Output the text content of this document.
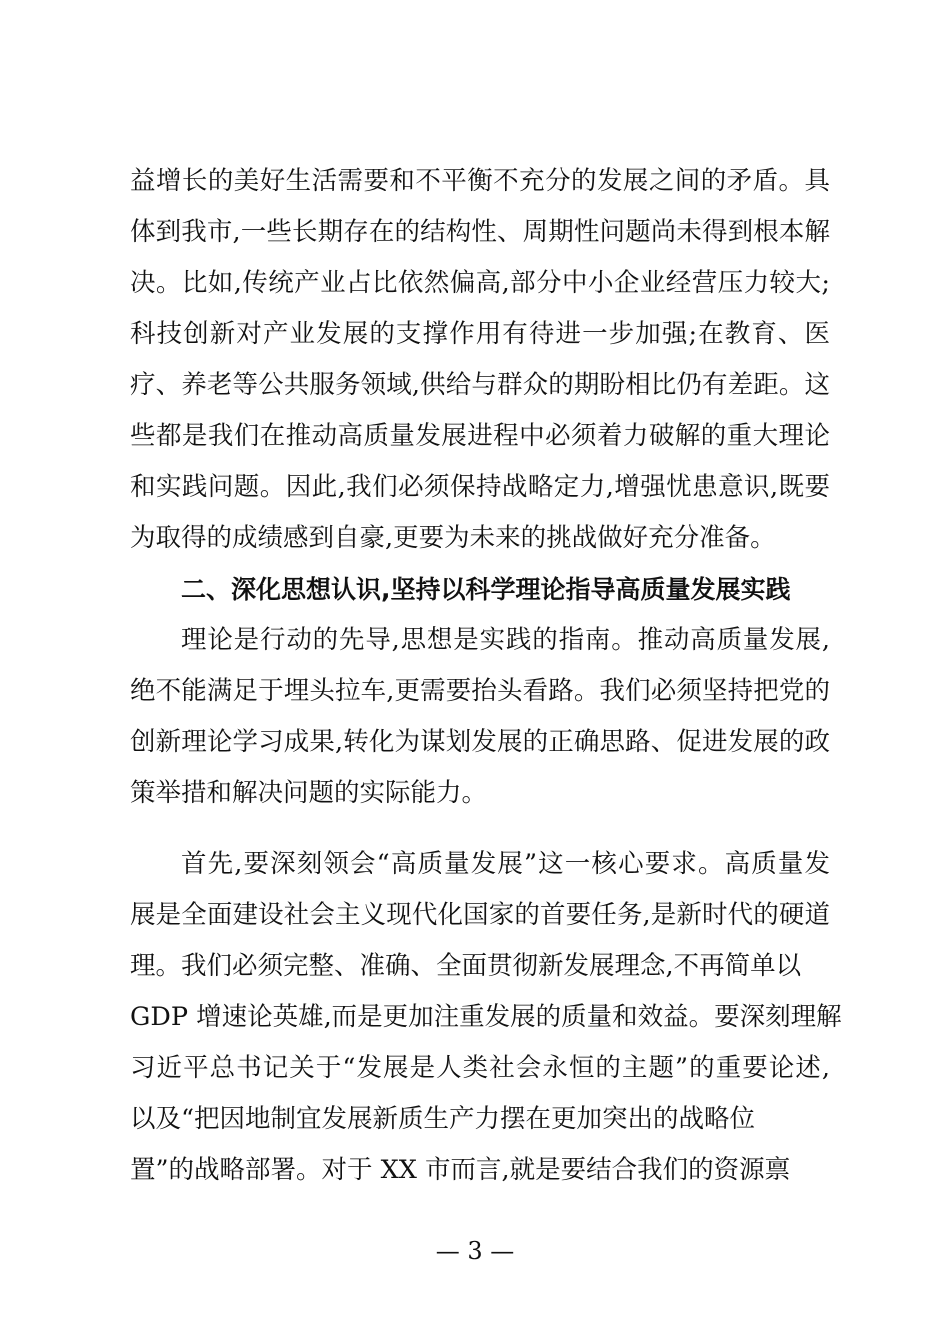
益增长的美好生活需要和不平衡不充分的发展之间的矛盾。具
体到我市,一些长期存在的结构性、周期性问题尚未得到根本解
决。比如,传统产业占比依然偏高,部分中小企业经营压力较大;
科技创新对产业发展的支撑作用有待进一步加强;在教育、医
疗、养老等公共服务领域,供给与群众的期盼相比仍有差距。这
些都是我们在推动高质量发展进程中必须着力破解的重大理论
和实践问题。因此,我们必须保持战略定力,增强忧患意识,既要
为取得的成绩感到自豪,更要为未来的挑战做好充分准备。
二、深化思想认识,坚持以科学理论指导高质量发展实践
理论是行动的先导,思想是实践的指南。推动高质量发展,
绝不能满足于埋头拉车,更需要抬头看路。我们必须坚持把党的
创新理论学习成果,转化为谋划发展的正确思路、促进发展的政
策举措和解决问题的实际能力。
首先,要深刻领会“高质量发展”这一核心要求。高质量发
展是全面建设社会主义现代化国家的首要任务,是新时代的硬道
理。我们必须完整、准确、全面贯彻新发展理念,不再简单以
GDP 增速论英雄,而是更加注重发展的质量和效益。要深刻理解
习近平总书记关于“发展是人类社会永恒的主题”的重要论述,
以及“把因地制宜发展新质生产力摆在更加突出的战略位
置”的战略部署。对于 XX 市而言,就是要结合我们的资源禀
— 3 —
